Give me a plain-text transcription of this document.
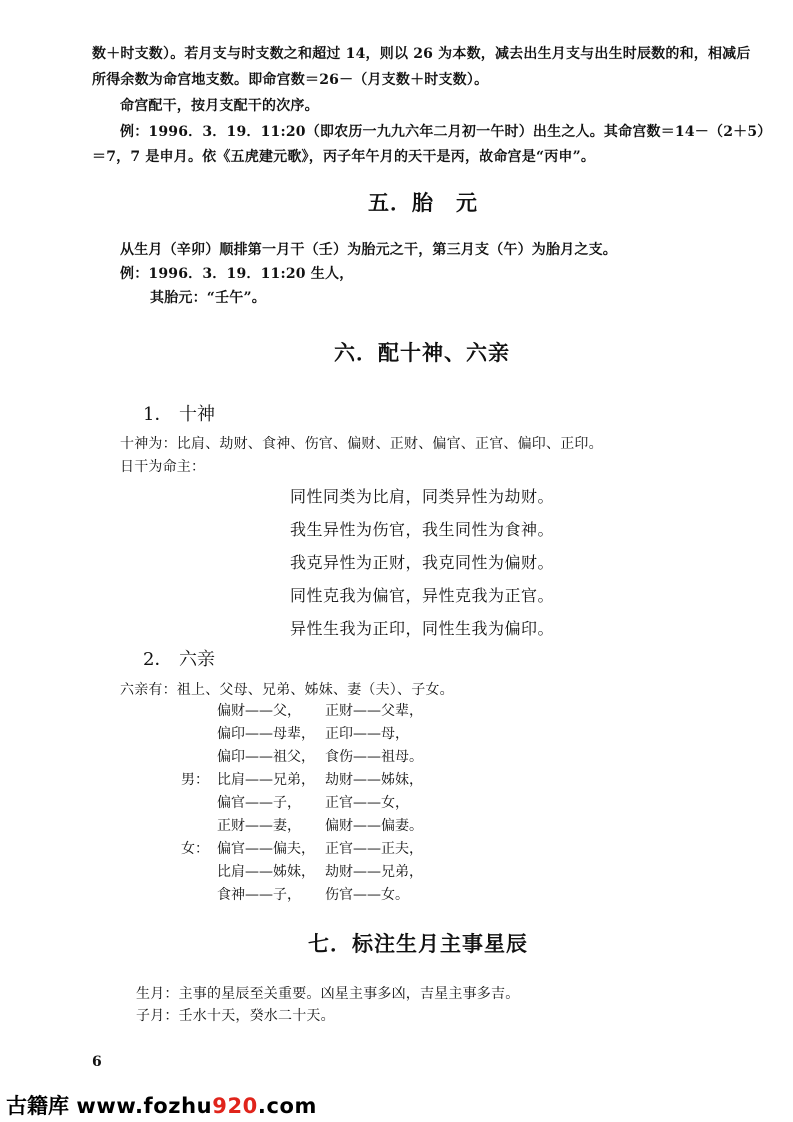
数＋时支数）。若月支与时支数之和超过 14，则以 26 为本数，减去出生月支与出生时辰数的和，相减后
所得余数为命宫地支数。即命宫数＝26－（月支数＋时支数）。
命宫配干，按月支配干的次序。
例：1996．3．19．11:20（即农历一九九六年二月初一午时）出生之人。其命宫数＝14－（2＋5）
＝7，7 是申月。依《五虎建元歌》，丙子年午月的天干是丙，故命宫是“丙申”。
五．胎　元
从生月（辛卯）顺排第一月干（壬）为胎元之干，第三月支（午）为胎月之支。
例：1996．3．19．11:20 生人，
其胎元：“壬午”。
六．配十神、六亲
1． 十神
十神为：比肩、劫财、食神、伤官、偏财、正财、偏官、正官、偏印、正印。
日干为命主：
同性同类为比肩，同类异性为劫财。
我生异性为伤官，我生同性为食神。
我克异性为正财，我克同性为偏财。
同性克我为偏官，异性克我为正官。
异性生我为正印，同性生我为偏印。
2． 六亲
六亲有：祖上、父母、兄弟、姊妹、妻（夫）、子女。
偏财——父， 正财——父辈，
偏印——母辈， 正印——母，
偏印——祖父， 食伤——祖母。
男： 比肩——兄弟， 劫财——姊妹，
偏官——子， 正官——女，
正财——妻， 偏财——偏妻。
女： 偏官——偏夫， 正官——正夫，
比肩——姊妹， 劫财——兄弟，
食神——子， 伤官——女。
七．标注生月主事星辰
生月：主事的星辰至关重要。凶星主事多凶，吉星主事多吉。
子月：壬水十天，癸水二十天。
6
古籍库 www.fozhu920.com
